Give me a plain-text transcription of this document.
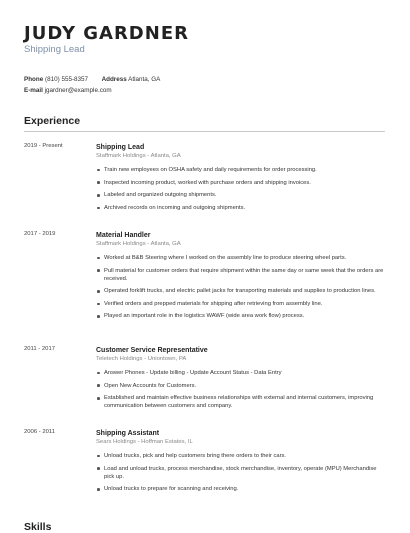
JUDY GARDNER
Shipping Lead
Phone (810) 555-8357 Address Atlanta, GA
E-mail jgardner@example.com
Experience
2019 - Present	Shipping Lead
Staffmark Holdings - Atlanta, GA
Train new employees on OSHA safety and daily requirements for order processing.
Inspected incoming product, worked with purchase orders and shipping invoices.
Labeled and organized outgoing shipments.
Archived records on incoming and outgoing shipments.
2017 - 2019	Material Handler
Staffmark Holdings - Atlanta, GA
Worked at B&B Steering where I worked on the assembly line to produce steering wheel parts.
Pull material for customer orders that require shipment within the same day or same week that the orders are received.
Operated forklift trucks, and electric pallet jacks for transporting materials and supplies to production lines.
Verified orders and prepped materials for shipping after retrieving from assembly line.
Played an important role in the logistics WAWF (wide area work flow) process.
2011 - 2017	Customer Service Representative
Teletech Holdings - Uniontown, PA
Answer Phones - Update billing - Update Account Status - Data Entry
Open New Accounts for Customers.
Established and maintain effective business relationships with external and internal customers, improving communication between customers and company.
2006 - 2011	Shipping Assistant
Sears Holdings - Hoffman Estates, IL
Unload trucks, pick and help customers bring there orders to their cars.
Load and unload trucks, process merchandise, stock merchandise, inventory, operate (MPU) Merchandise pick up.
Unload trucks to prepare for scanning and receiving.
Skills
